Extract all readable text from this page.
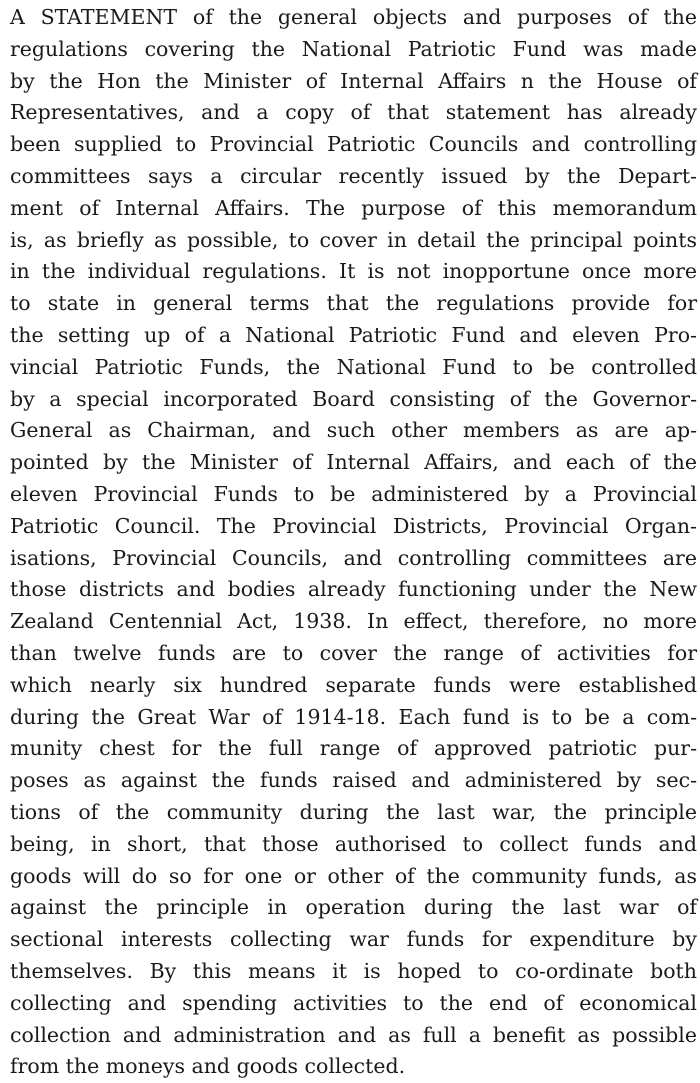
A STATEMENT of the general objects and purposes of the
regulations covering the National Patriotic Fund was made
by the Hon the Minister of Internal Affairs n the House of
Representatives, and a copy of that statement has already
been supplied to Provincial Patriotic Councils and controlling
committees says a circular recently issued by the Depart-
ment of Internal Affairs. The purpose of this memorandum
is, as briefly as possible, to cover in detail the principal points
in the individual regulations. It is not inopportune once more
to state in general terms that the regulations provide for
the setting up of a National Patriotic Fund and eleven Pro-
vincial Patriotic Funds, the National Fund to be controlled
by a special incorporated Board consisting of the Governor-
General as Chairman, and such other members as are ap-
pointed by the Minister of Internal Affairs, and each of the
eleven Provincial Funds to be administered by a Provincial
Patriotic Council. The Provincial Districts, Provincial Organ-
isations, Provincial Councils, and controlling committees are
those districts and bodies already functioning under the New
Zealand Centennial Act, 1938. In effect, therefore, no more
than twelve funds are to cover the range of activities for
which nearly six hundred separate funds were established
during the Great War of 1914-18. Each fund is to be a com-
munity chest for the full range of approved patriotic pur-
poses as against the funds raised and administered by sec-
tions of the community during the last war, the principle
being, in short, that those authorised to collect funds and
goods will do so for one or other of the community funds, as
against the principle in operation during the last war of
sectional interests collecting war funds for expenditure by
themselves. By this means it is hoped to co-ordinate both
collecting and spending activities to the end of economical
collection and administration and as full a benefit as possible
from the moneys and goods collected.
